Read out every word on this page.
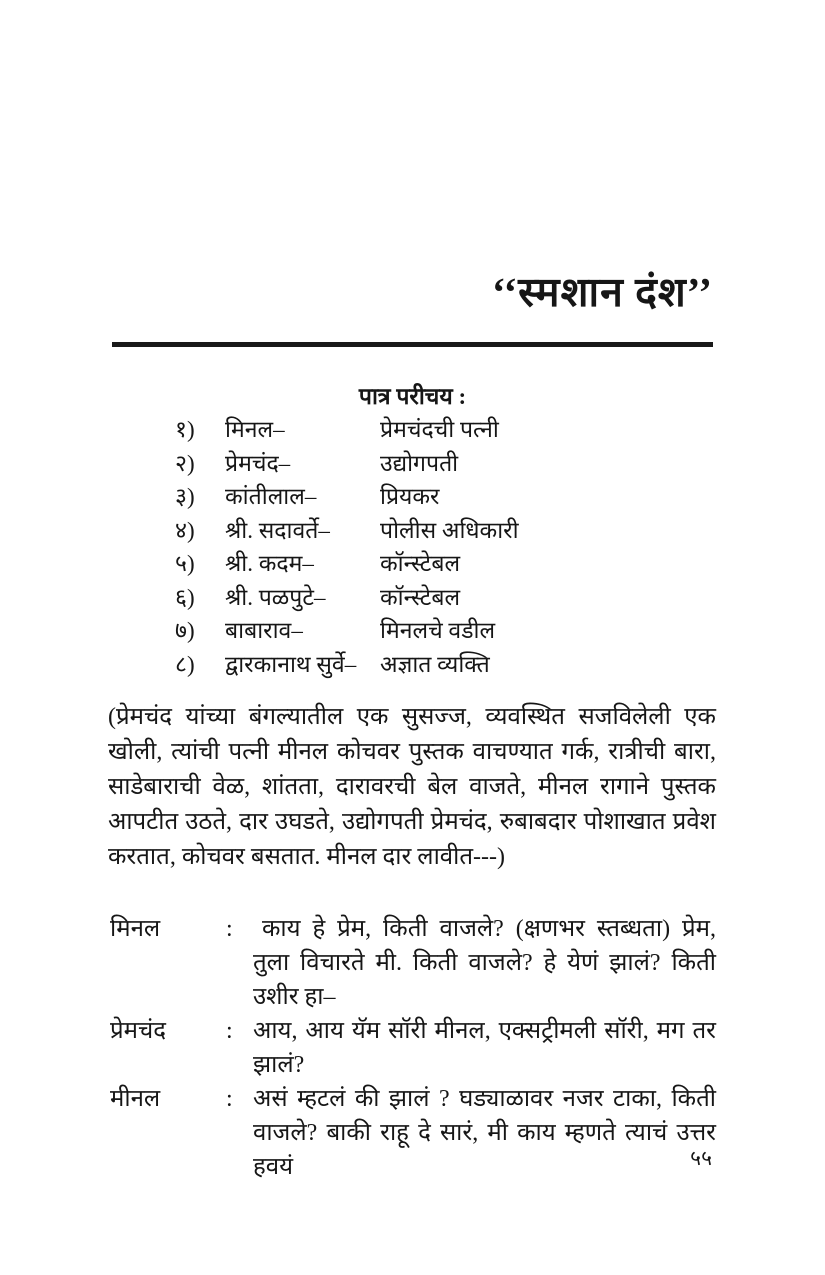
‘‘स्मशान दंश’’
पात्र परीचय :
१)	मिनल–	प्रेमचंदची पत्नी
२)	प्रेमचंद–	उद्योगपती
३)	कांतीलाल–	प्रियकर
४)	श्री. सदावर्ते–	पोलीस अधिकारी
५)	श्री. कदम–	कॉन्स्टेबल
६)	श्री. पळपुटे–	कॉन्स्टेबल
७)	बाबाराव–	मिनलचे वडील
८)	द्वारकानाथ सुर्वे–	अज्ञात व्यक्ति
(प्रेमचंद यांच्या बंगल्यातील एक सुसज्ज, व्यवस्थित सजविलेली एक खोली, त्यांची पत्नी मीनल कोचवर पुस्तक वाचण्यात गर्क, रात्रीची बारा, साडेबाराची वेळ, शांतता, दारावरची बेल वाजते, मीनल रागाने पुस्तक आपटीत उठते, दार उघडते, उद्योगपती प्रेमचंद, रुबाबदार पोशाखात प्रवेश करतात, कोचवर बसतात. मीनल दार लावीत---)
मिनल	:	काय हे प्रेम, किती वाजले? (क्षणभर स्तब्धता) प्रेम, तुला विचारते मी. किती वाजले? हे येणं झालं? किती उशीर हा–
प्रेमचंद	: आय, आय यॅम सॉरी मीनल, एक्सट्रीमली सॉरी, मग तर झालं?
मीनल	: असं म्हटलं की झालं ? घड्याळावर नजर टाका, किती वाजले? बाकी राहू दे सारं, मी काय म्हणते त्याचं उत्तर हवयं	५५
